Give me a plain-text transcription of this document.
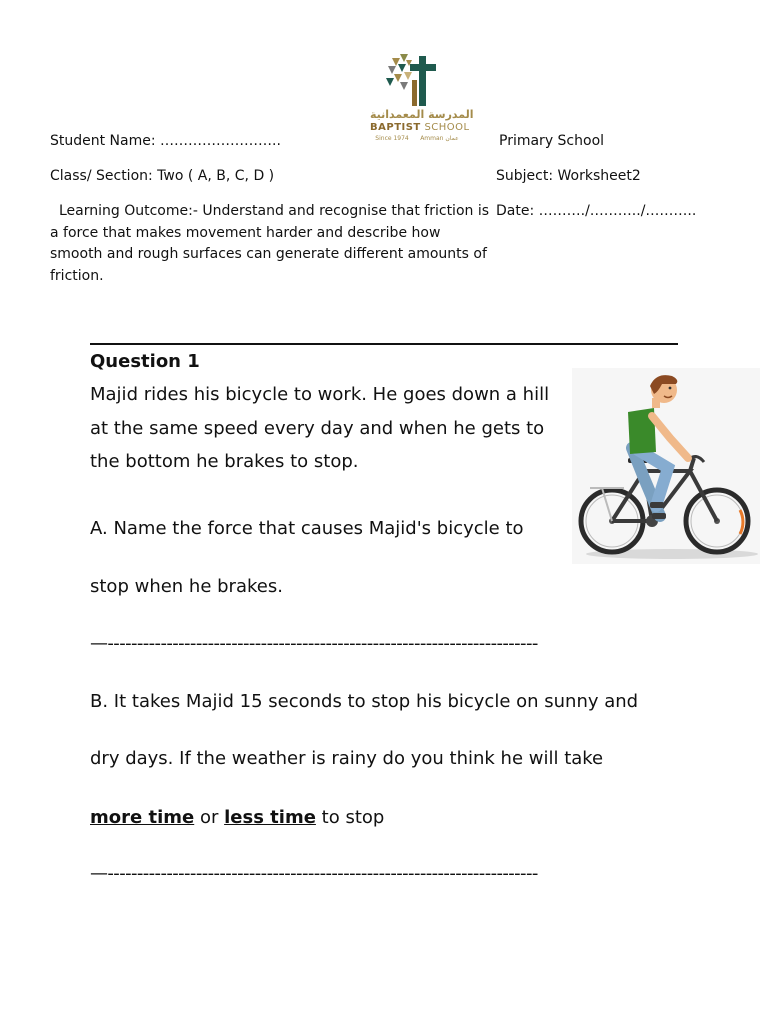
المدرسة المعمدانية
BAPTIST SCHOOL
Since 1974 Amman عمان
Student Name: ……………………..
Class/ Section: Two ( A, B, C, D )
Learning Outcome:- Understand and recognise that friction is a force that makes movement harder and describe how smooth and rough surfaces can generate different amounts of friction.
Primary School
Subject: Worksheet2
Date: ………./………../………..
Question 1
Majid rides his bicycle to work. He goes down a hill at the same speed every day and when he gets to the bottom he brakes to stop.
A. Name the force that causes Majid's bicycle to
stop when he brakes.
—-------------------------------------------------------------------------
B. It takes Majid 15 seconds to stop his bicycle on sunny and
dry days. If the weather is rainy do you think he will take
more time or less time to stop
—-------------------------------------------------------------------------
